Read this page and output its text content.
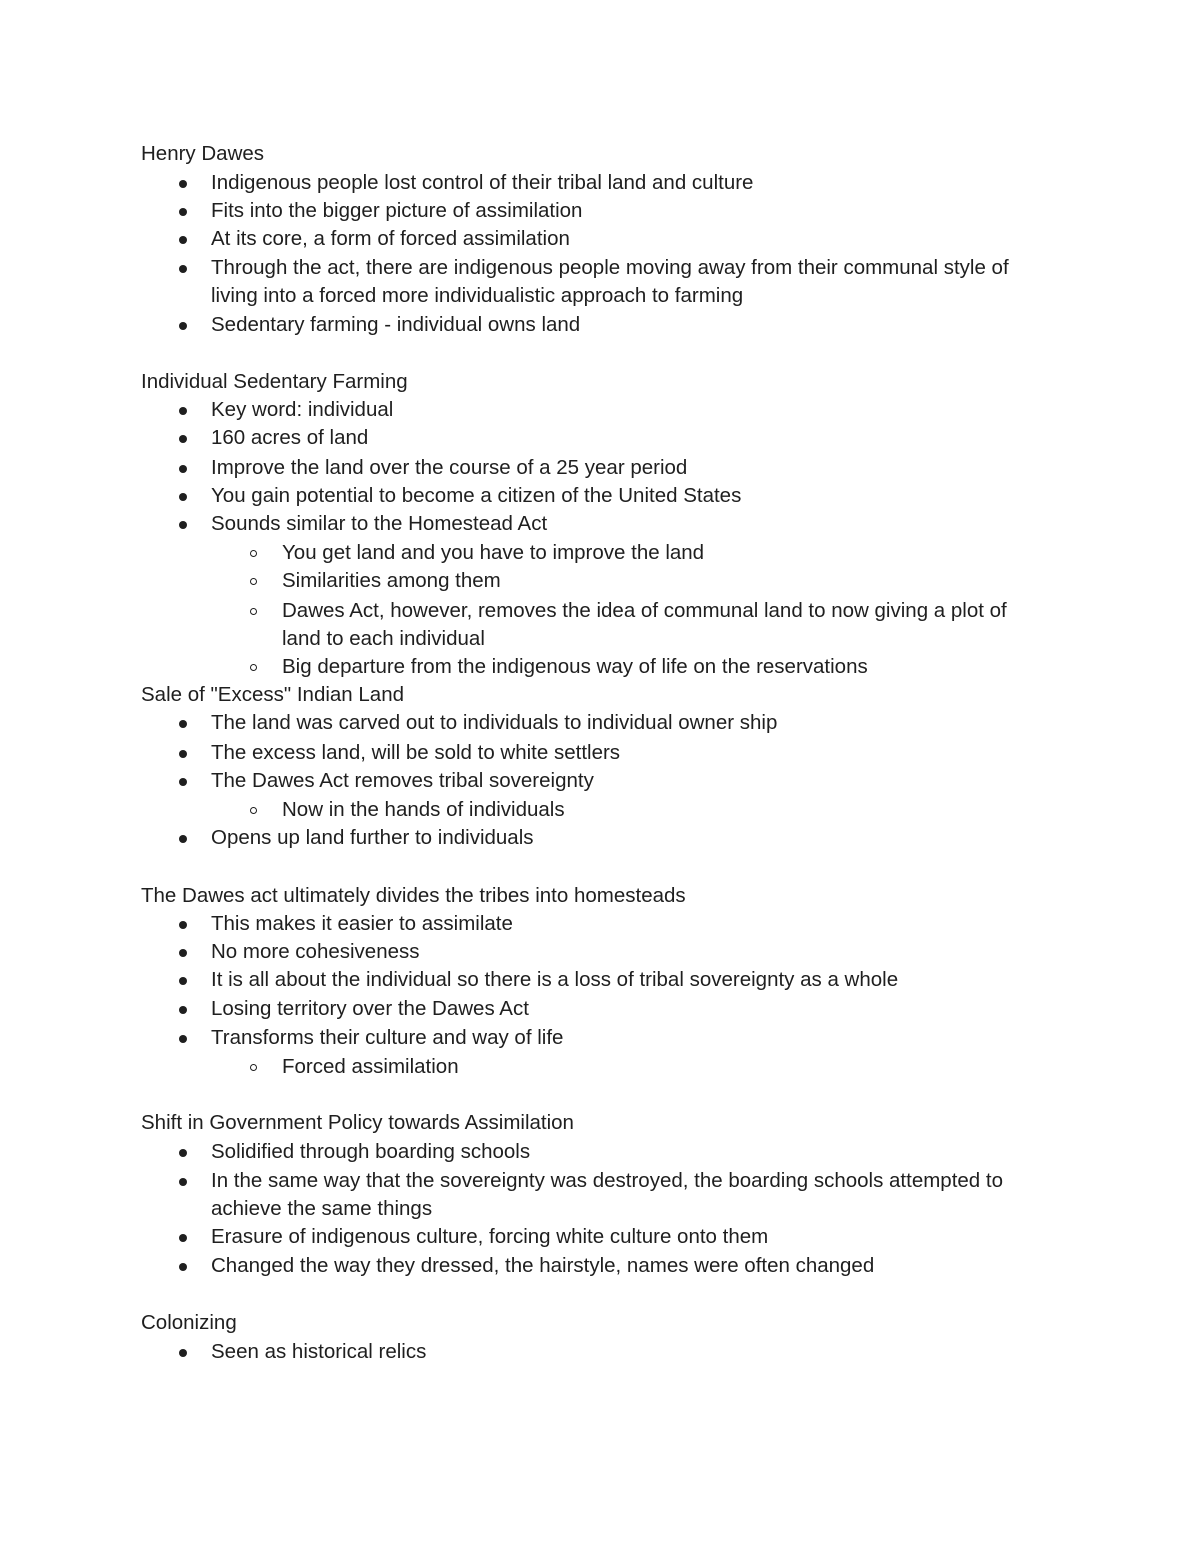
Henry Dawes
Indigenous people lost control of their tribal land and culture
Fits into the bigger picture of assimilation
At its core, a form of forced assimilation
Through the act, there are indigenous people moving away from their communal style of
living into a forced more individualistic approach to farming
Sedentary farming - individual owns land
Individual Sedentary Farming
Key word: individual
160 acres of land
Improve the land over the course of a 25 year period
You gain potential to become a citizen of the United States
Sounds similar to the Homestead Act
You get land and you have to improve the land
Similarities among them
Dawes Act, however, removes the idea of communal land to now giving a plot of
land to each individual
Big departure from the indigenous way of life on the reservations
Sale of "Excess" Indian Land
The land was carved out to individuals to individual owner ship
The excess land, will be sold to white settlers
The Dawes Act removes tribal sovereignty
Now in the hands of individuals
Opens up land further to individuals
The Dawes act ultimately divides the tribes into homesteads
This makes it easier to assimilate
No more cohesiveness
It is all about the individual so there is a loss of tribal sovereignty as a whole
Losing territory over the Dawes Act
Transforms their culture and way of life
Forced assimilation
Shift in Government Policy towards Assimilation
Solidified through boarding schools
In the same way that the sovereignty was destroyed, the boarding schools attempted to
achieve the same things
Erasure of indigenous culture, forcing white culture onto them
Changed the way they dressed, the hairstyle, names were often changed
Colonizing
Seen as historical relics
